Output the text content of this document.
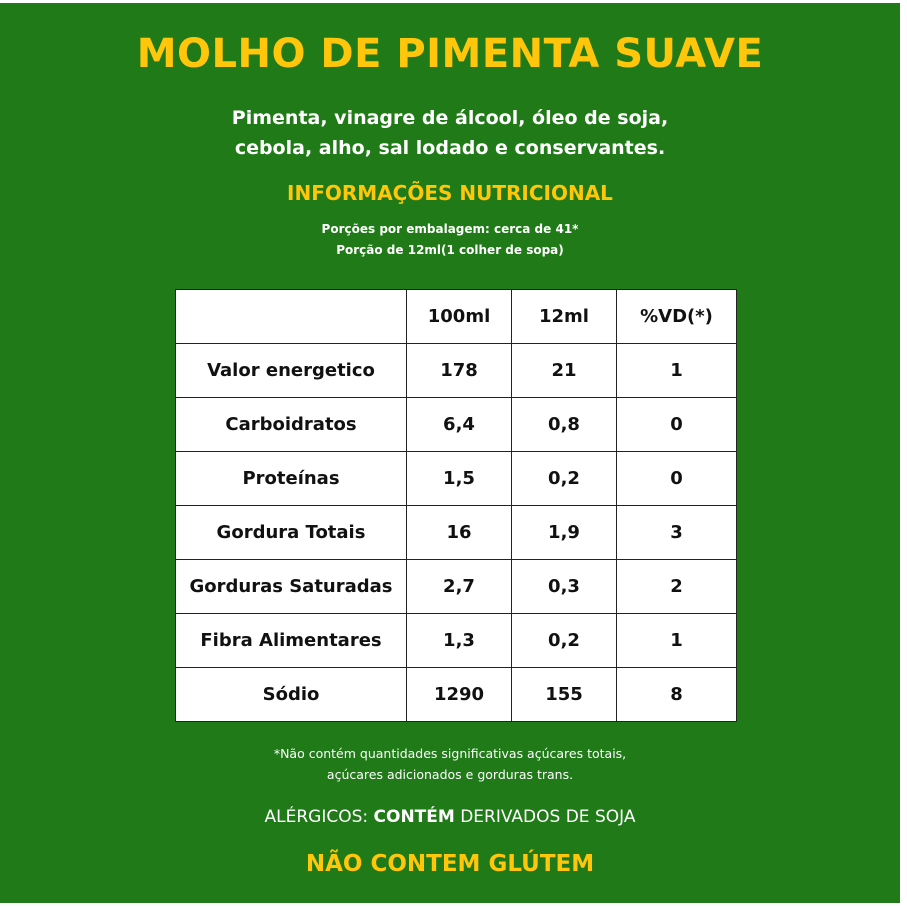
MOLHO DE PIMENTA SUAVE
Pimenta, vinagre de álcool, óleo de soja,
cebola, alho, sal lodado e conservantes.
INFORMAÇÕES NUTRICIONAL
Porções por embalagem: cerca de 41*
Porção de 12ml(1 colher de sopa)
	100ml	12ml	%VD(*)
Valor energetico	178	21	1
Carboidratos	6,4	0,8	0
Proteínas	1,5	0,2	0
Gordura Totais	16	1,9	3
Gorduras Saturadas	2,7	0,3	2
Fibra Alimentares	1,3	0,2	1
Sódio	1290	155	8
*Não contém quantidades significativas açúcares totais,
açúcares adicionados e gorduras trans.
ALÉRGICOS: CONTÉM DERIVADOS DE SOJA
NÃO CONTEM GLÚTEM
